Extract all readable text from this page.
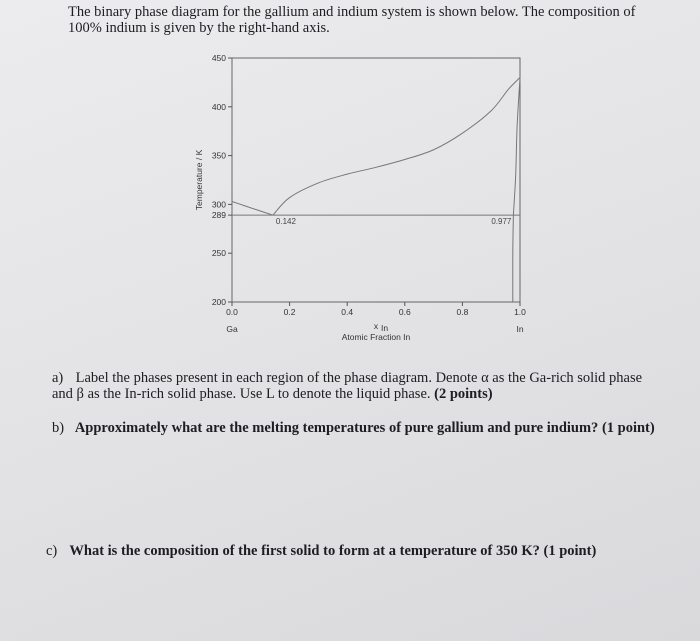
The binary phase diagram for the gallium and indium system is shown below. The composition of 100% indium is given by the right-hand axis.

200
250
289
300
350
400
450
0.0	0.2	0.4	0.6	0.8	1.0
Ga	In
x In
Atomic Fraction In
Temperature / K
0.142	0.977

a) Label the phases present in each region of the phase diagram. Denote α as the Ga-rich solid phase and β as the In-rich solid phase. Use L to denote the liquid phase. (2 points)

b) Approximately what are the melting temperatures of pure gallium and pure indium? (1 point)

c) What is the composition of the first solid to form at a temperature of 350 K? (1 point)
